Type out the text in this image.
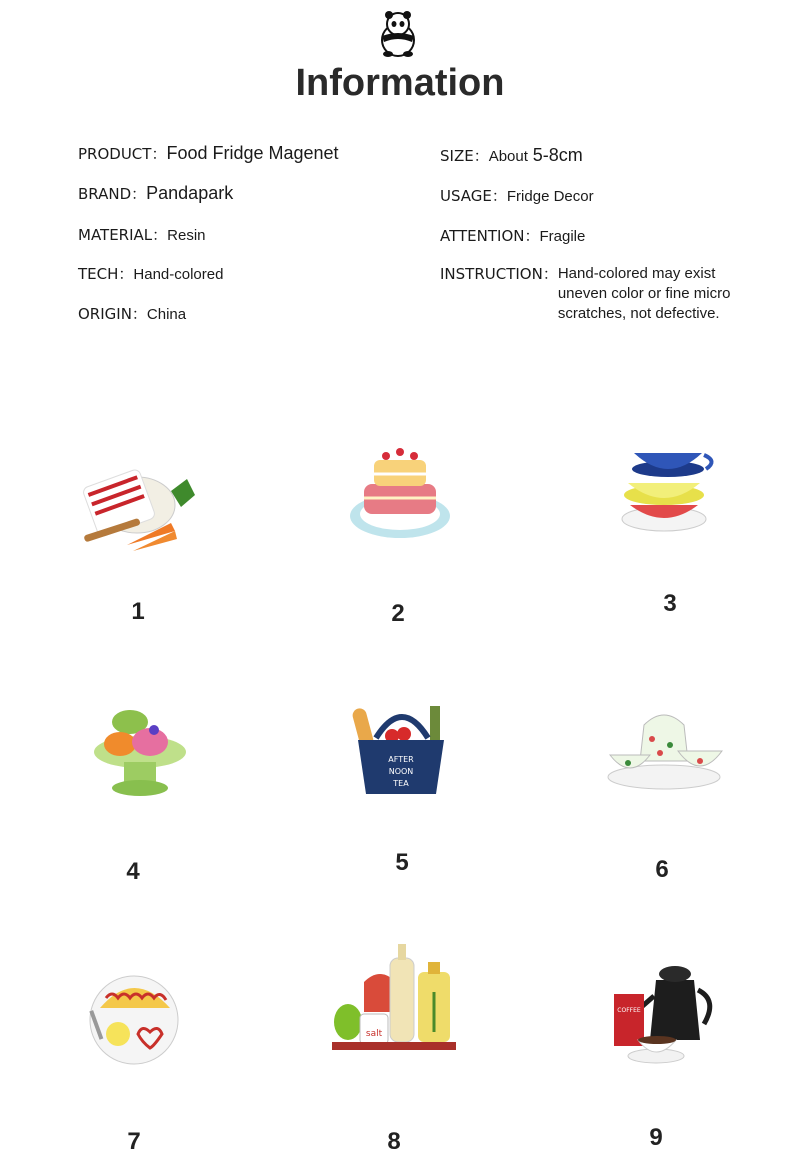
Information
PRODUCT：Food Fridge Magenet
BRAND：Pandapark
MATERIAL：Resin
TECH：Hand-colored
ORIGIN：China
SIZE：About 5-8cm
USAGE：Fridge Decor
ATTENTION：Fragile
INSTRUCTION：Hand-colored may exist uneven color or fine micro scratches, not defective.
1	2	3
4
AFTER
NOON
TEA
5	6
7
salt
8
COFFEE
9
